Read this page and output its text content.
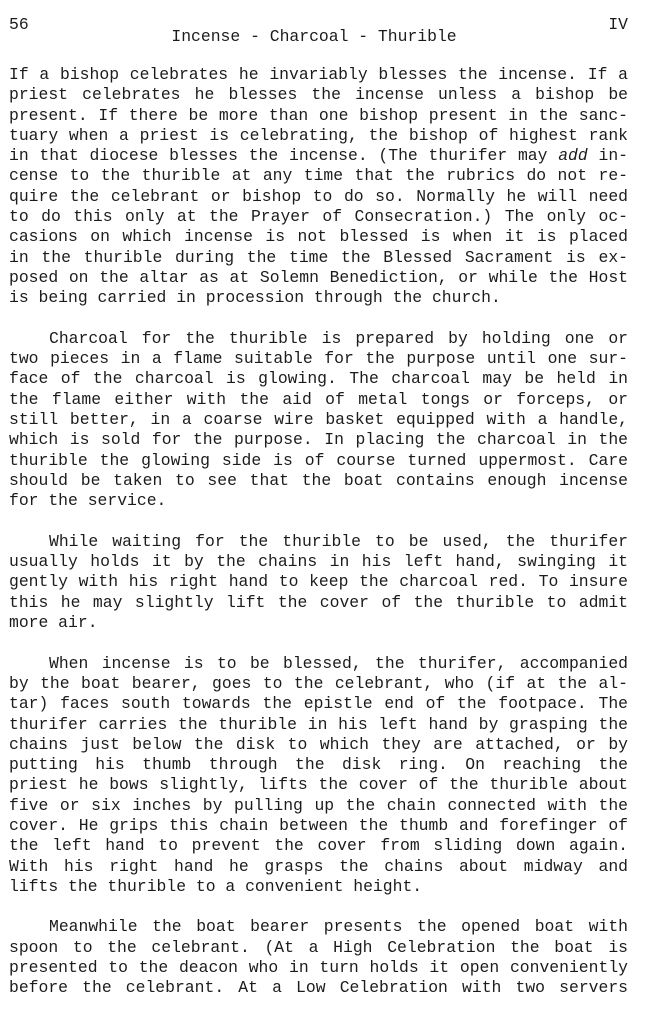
56	IV
Incense - Charcoal - Thurible
If a bishop celebrates he invariably blesses the incense. If a
priest celebrates he blesses the incense unless a bishop be
present. If there be more than one bishop present in the sanc-
tuary when a priest is celebrating, the bishop of highest rank
in that diocese blesses the incense. (The thurifer may add in-
cense to the thurible at any time that the rubrics do not re-
quire the celebrant or bishop to do so. Normally he will need
to do this only at the Prayer of Consecration.) The only oc-
casions on which incense is not blessed is when it is placed
in the thurible during the time the Blessed Sacrament is ex-
posed on the altar as at Solemn Benediction, or while the Host
is being carried in procession through the church.
Charcoal for the thurible is prepared by holding one or
two pieces in a flame suitable for the purpose until one sur-
face of the charcoal is glowing. The charcoal may be held in
the flame either with the aid of metal tongs or forceps, or
still better, in a coarse wire basket equipped with a handle,
which is sold for the purpose. In placing the charcoal in the
thurible the glowing side is of course turned uppermost. Care
should be taken to see that the boat contains enough incense
for the service.
While waiting for the thurible to be used, the thurifer
usually holds it by the chains in his left hand, swinging it
gently with his right hand to keep the charcoal red. To insure
this he may slightly lift the cover of the thurible to admit
more air.
When incense is to be blessed, the thurifer, accompanied
by the boat bearer, goes to the celebrant, who (if at the al-
tar) faces south towards the epistle end of the footpace. The
thurifer carries the thurible in his left hand by grasping the
chains just below the disk to which they are attached, or by
putting his thumb through the disk ring. On reaching the
priest he bows slightly, lifts the cover of the thurible about
five or six inches by pulling up the chain connected with the
cover. He grips this chain between the thumb and forefinger of
the left hand to prevent the cover from sliding down again.
With his right hand he grasps the chains about midway and
lifts the thurible to a convenient height.
Meanwhile the boat bearer presents the opened boat with
spoon to the celebrant. (At a High Celebration the boat is
presented to the deacon who in turn holds it open conveniently
before the celebrant. At a Low Celebration with two servers
